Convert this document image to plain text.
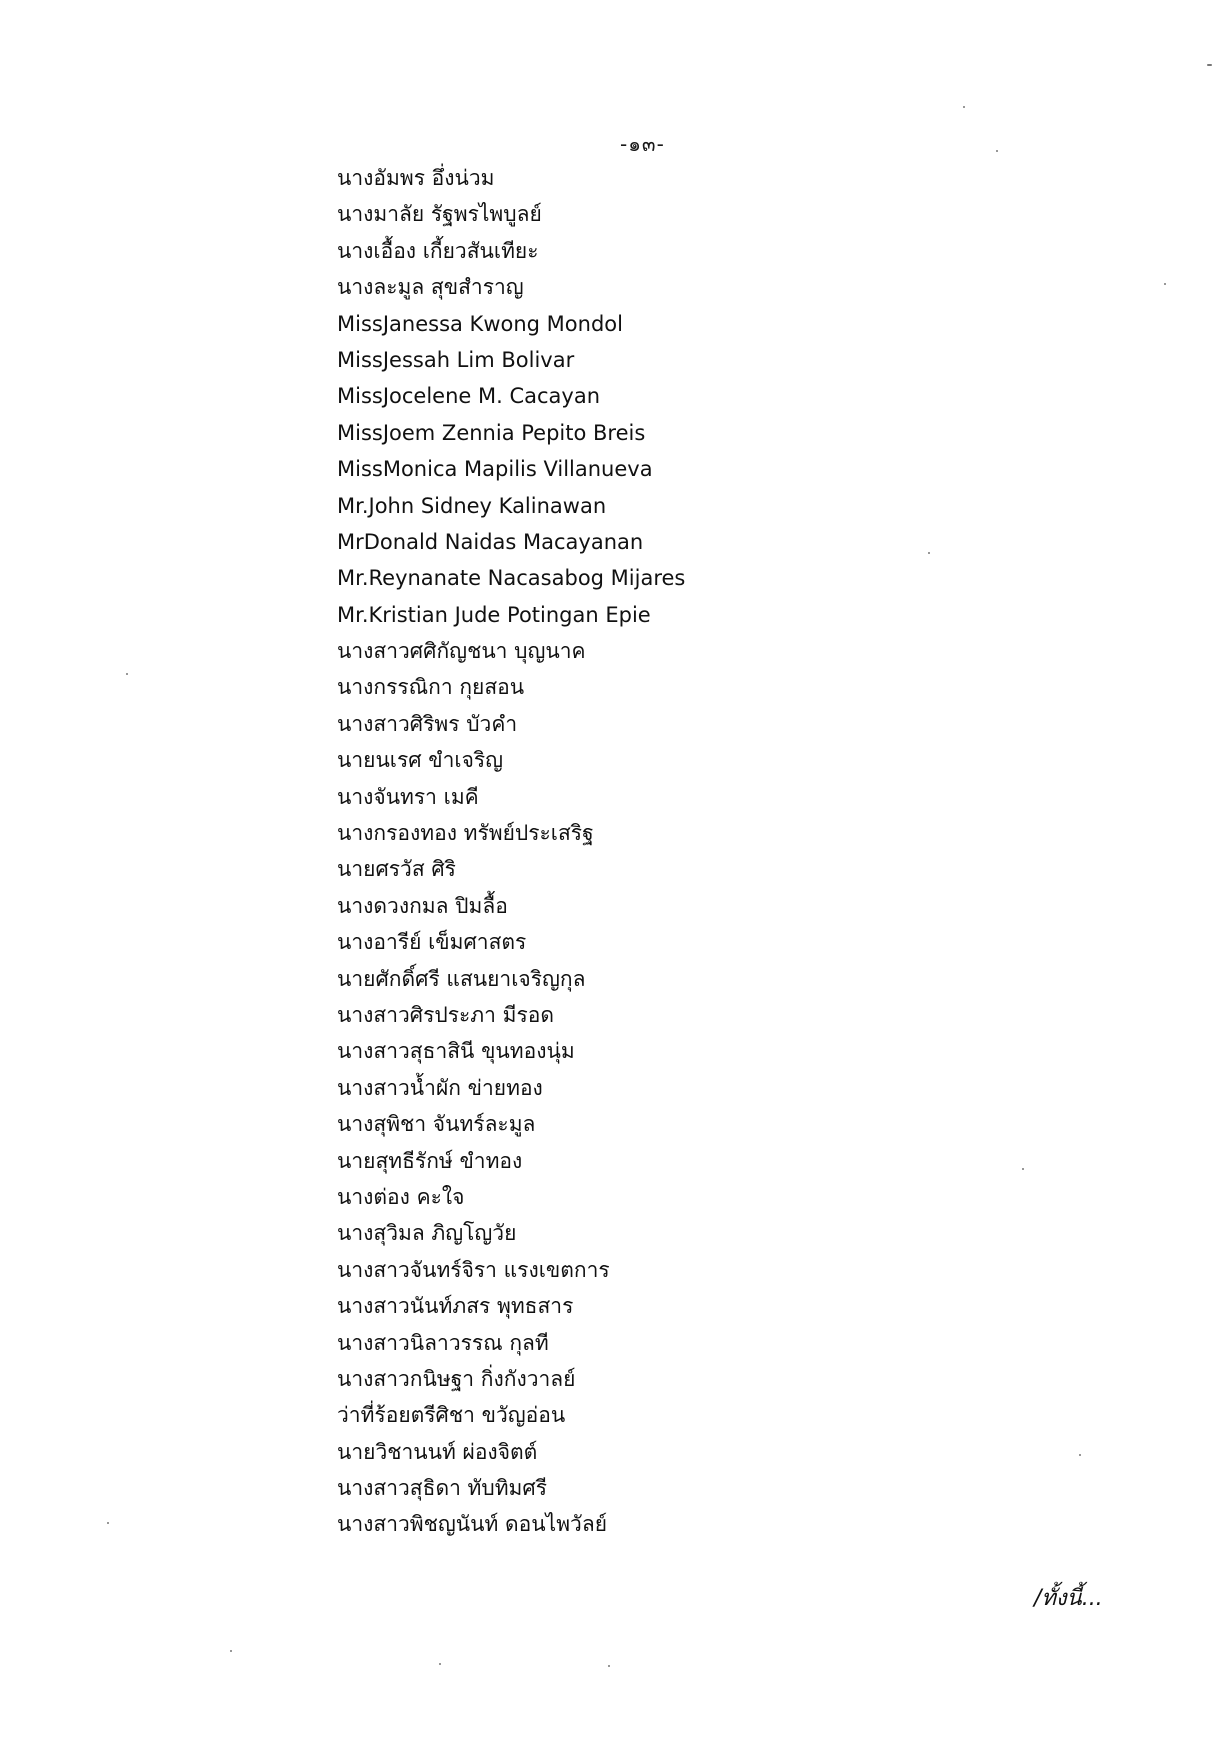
-๑๓-
นางอัมพร อึ่งน่วม
นางมาลัย รัฐพรไพบูลย์
นางเอื้อง เกี้ยวสันเทียะ
นางละมูล สุขสำราญ
MissJanessa Kwong Mondol
MissJessah Lim Bolivar
MissJocelene M. Cacayan
MissJoem Zennia Pepito Breis
MissMonica Mapilis Villanueva
Mr.John Sidney Kalinawan
MrDonald Naidas Macayanan
Mr.Reynanate Nacasabog Mijares
Mr.Kristian Jude Potingan Epie
นางสาวศศิกัญชนา บุญนาค
นางกรรณิกา กุยสอน
นางสาวศิริพร บัวคำ
นายนเรศ ขำเจริญ
นางจันทรา เมคี
นางกรองทอง ทรัพย์ประเสริฐ
นายศรวัส ศิริ
นางดวงกมล ปิมลื้อ
นางอารีย์ เข็มศาสตร
นายศักดิ์ศรี แสนยาเจริญกุล
นางสาวศิรประภา มีรอด
นางสาวสุธาสินี ขุนทองนุ่ม
นางสาวน้ำผัก ข่ายทอง
นางสุพิชา จันทร์ละมูล
นายสุทธีรักษ์ ขำทอง
นางต่อง คะใจ
นางสุวิมล ภิญโญวัย
นางสาวจันทร์จิรา แรงเขตการ
นางสาวนันท์ภสร พุทธสาร
นางสาวนิลาวรรณ กุลที
นางสาวกนิษฐา กิ่งกังวาลย์
ว่าที่ร้อยตรีศิชา ขวัญอ่อน
นายวิชานนท์ ผ่องจิตต์
นางสาวสุธิดา ทับทิมศรี
นางสาวพิชญนันท์ ดอนไพวัลย์
/ทั้งนี้...
